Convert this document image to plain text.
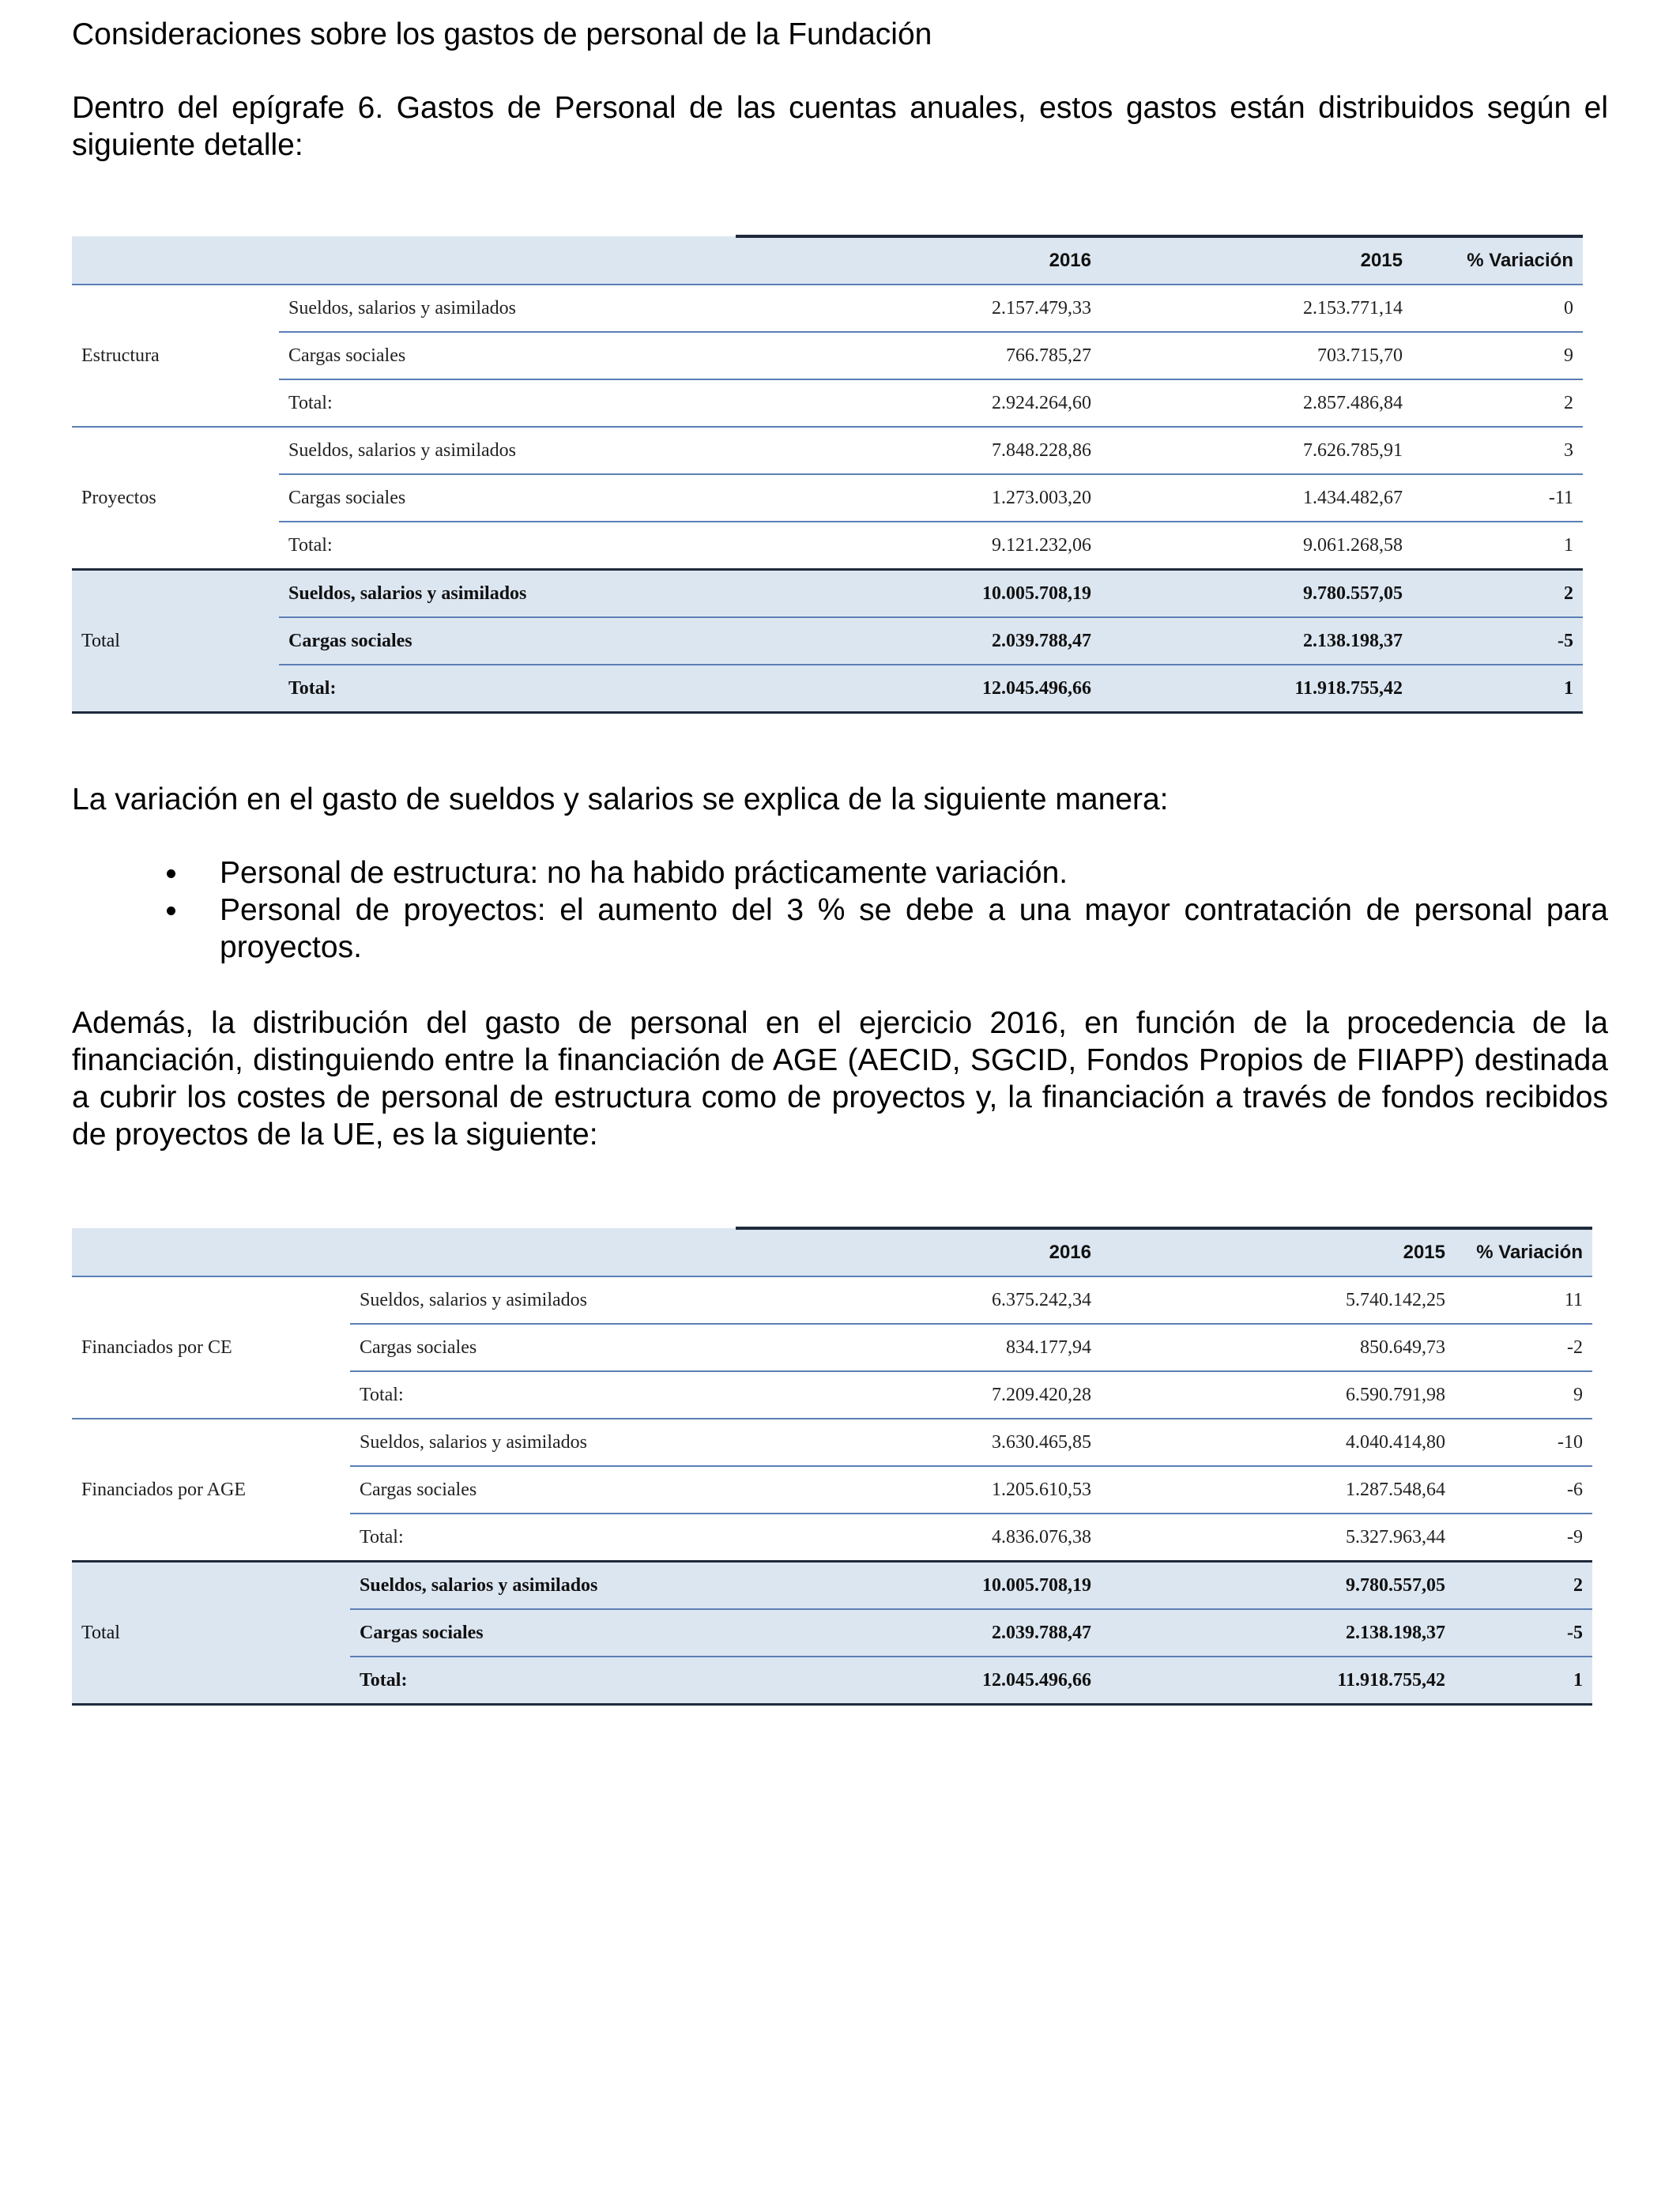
Consideraciones sobre los gastos de personal de la Fundación

Dentro del epígrafe 6. Gastos de Personal de las cuentas anuales, estos gastos están distribuidos según el siguiente detalle:

		2016	2015	% Variación
Estructura	Sueldos, salarios y asimilados	2.157.479,33	2.153.771,14	0
	Cargas sociales	766.785,27	703.715,70	9
	Total:	2.924.264,60	2.857.486,84	2
Proyectos	Sueldos, salarios y asimilados	7.848.228,86	7.626.785,91	3
	Cargas sociales	1.273.003,20	1.434.482,67	-11
	Total:	9.121.232,06	9.061.268,58	1
Total	Sueldos, salarios y asimilados	10.005.708,19	9.780.557,05	2
	Cargas sociales	2.039.788,47	2.138.198,37	-5
	Total:	12.045.496,66	11.918.755,42	1

La variación en el gasto de sueldos y salarios se explica de la siguiente manera:

Personal de estructura: no ha habido prácticamente variación.
Personal de proyectos: el aumento del 3 % se debe a una mayor contratación de personal para proyectos.

Además, la distribución del gasto de personal en el ejercicio 2016, en función de la procedencia de la financiación, distinguiendo entre la financiación de AGE (AECID, SGCID, Fondos Propios de FIIAPP) destinada a cubrir los costes de personal de estructura como de proyectos y, la financiación a través de fondos recibidos de proyectos de la UE, es la siguiente:

		2016	2015	% Variación
Financiados por CE	Sueldos, salarios y asimilados	6.375.242,34	5.740.142,25	11
	Cargas sociales	834.177,94	850.649,73	-2
	Total:	7.209.420,28	6.590.791,98	9
Financiados por AGE	Sueldos, salarios y asimilados	3.630.465,85	4.040.414,80	-10
	Cargas sociales	1.205.610,53	1.287.548,64	-6
	Total:	4.836.076,38	5.327.963,44	-9
Total	Sueldos, salarios y asimilados	10.005.708,19	9.780.557,05	2
	Cargas sociales	2.039.788,47	2.138.198,37	-5
	Total:	12.045.496,66	11.918.755,42	1
